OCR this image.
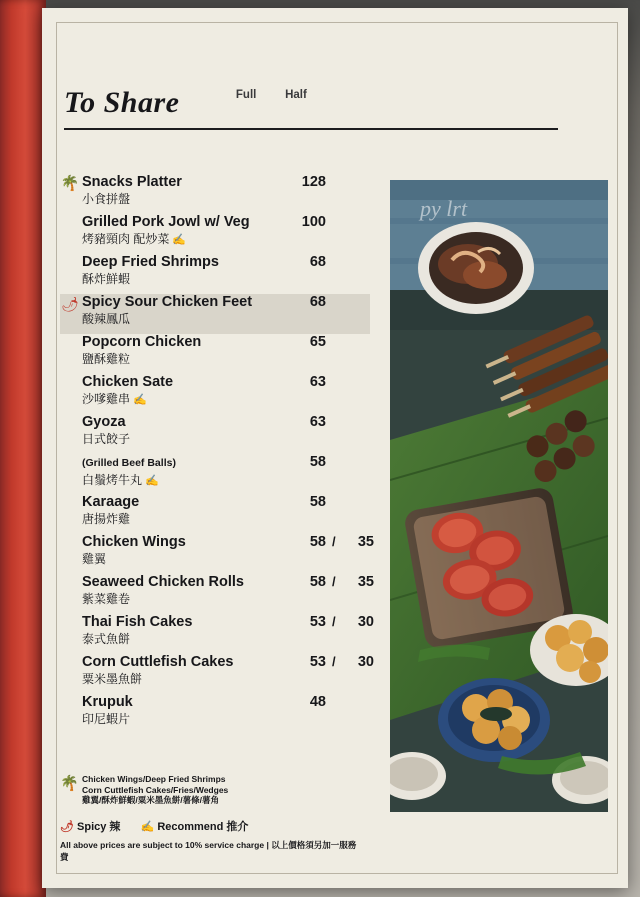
To Share	Full	Half
🌴 Snacks Platter
小食拼盤
128
Grilled Pork Jowl w/ Veg
烤豬頸肉 配炒菜 ✍
100
Deep Fried Shrimps
酥炸鮮蝦
68
🌶 Spicy Sour Chicken Feet
酸辣鳳瓜
68
Popcorn Chicken
鹽酥雞粒
65
Chicken Sate
沙嗲雞串 ✍
63
Gyoza
日式餃子
63
(Grilled Beef Balls)
白鬚烤牛丸 ✍
58
Karaage
唐揚炸雞
58
Chicken Wings
雞翼
58 /	35
Seaweed Chicken Rolls
紫菜雞卷
58 /	35
Thai Fish Cakes
泰式魚餅
53 /	30
Corn Cuttlefish Cakes
粟米墨魚餅
53 /	30
Krupuk
印尼蝦片
48
🌴 Chicken Wings/Deep Fried Shrimps
Corn Cuttlefish Cakes/Fries/Wedges
雞翼/酥炸鮮蝦/粟米墨魚餅/薯條/薯角
🌶 Spicy 辣 ✍ Recommend 推介
All above prices are subject to 10% service charge | 以上價格須另加一服務費
py lrt
